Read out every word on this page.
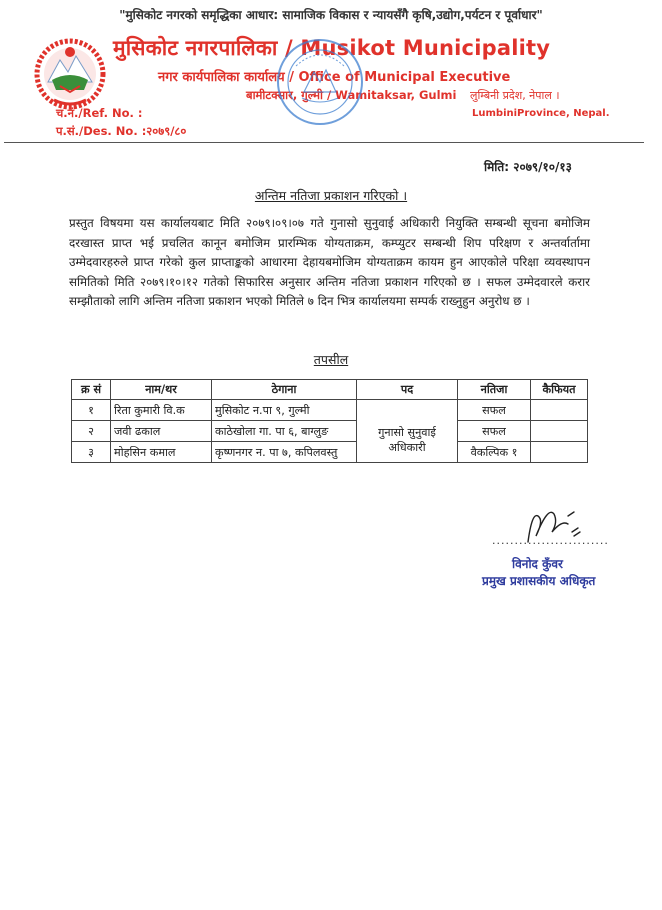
"मुसिकोट नगरको समृद्धिका आधार: सामाजिक विकास र न्यायसँगै कृषि,उद्योग,पर्यटन र पूर्वाधार"
मुसिकोट नगरपालिका / Musikot Municipality
नगर कार्यपालिका कार्यालय / Office of Municipal Executive
बामीटक्सार, गुल्मी / Wamitaksar, Gulmi लुम्बिनी प्रदेश, नेपाल ।
LumbiniProvince, Nepal.
च.नं./Ref. No. :
प.सं./Des. No. :२०७९/८०
मिति: २०७९/१०/१३
अन्तिम नतिजा प्रकाशन गरिएको ।

प्रस्तुत विषयमा यस कार्यालयबाट मिति २०७९।०९।०७ गते गुनासो सुनुवाई अधिकारी नियुक्ति सम्बन्धी सूचना बमोजिम दरखास्त प्राप्त भई प्रचलित कानून बमोजिम प्रारम्भिक योग्यताक्रम, कम्प्युटर सम्बन्धी शिप परिक्षण र अन्तर्वार्तामा उम्मेदवारहरुले प्राप्त गरेको कुल प्राप्ताङ्कको आधारमा देहायबमोजिम योग्यताक्रम कायम हुन आएकोले परिक्षा व्यवस्थापन समितिको मिति २०७९।१०।१२ गतेको सिफारिस अनुसार अन्तिम नतिजा प्रकाशन गरिएको छ । सफल उम्मेदवारले करार सम्झौताको लागि अन्तिम नतिजा प्रकाशन भएको मितिले ७ दिन भित्र कार्यालयमा सम्पर्क राख्नुहुन अनुरोध छ ।

तपसील
क्र सं	नाम/थर	ठेगाना	पद	नतिजा	कैफियत
१	रिता कुमारी वि.क	मुसिकोट न.पा ९, गुल्मी	गुनासो सुनुवाई अधिकारी	सफल	
२	जवी ढकाल	काठेखोला गा. पा ६, बाग्लुङ		सफल	
३	मोहसिन कमाल	कृष्णनगर न. पा ७, कपिलवस्तु		वैकल्पिक १	
..........................
विनोद कुँवर
प्रमुख प्रशासकीय अधिकृत
